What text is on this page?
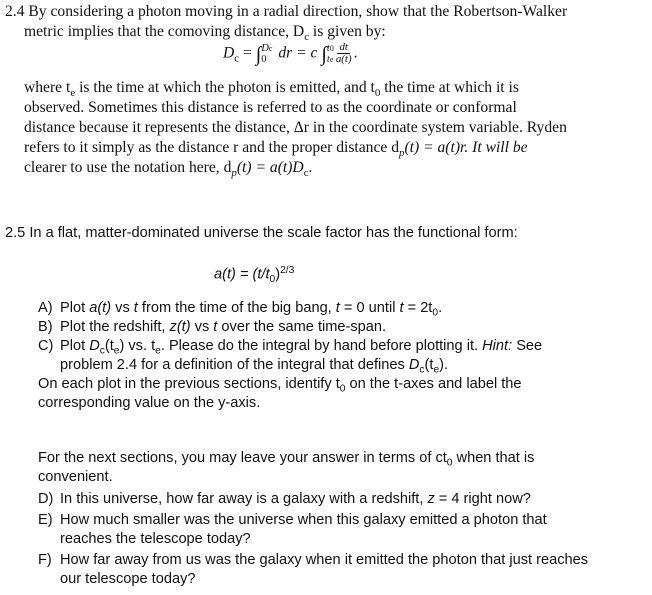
2.4 By considering a photon moving in a radial direction, show that the Robertson-Walker
metric implies that the comoving distance, $D_c$ is given by:
$D_c$ = ∫ Dc
0 dr = c ∫ t0
te $\frac{dt}{a(t)}$ .
where $t_e$ is the time at which the photon is emitted, and $t_0$ the time at which it is
observed. Sometimes this distance is referred to as the coordinate or conformal
distance because it represents the distance, Δr in the coordinate system variable. Ryden
refers to it simply as the distance r and the proper distance $d_p(t) = a(t)r$. It will be
clearer to use the notation here, $d_p(t) = a(t)D_c$.
2.5 In a flat, matter-dominated universe the scale factor has the functional form:
$a(t) = (t/t_0)^{2/3}$
A) Plot a(t) vs t from the time of the big bang, t = 0 until $t = 2t_0$.
B) Plot the redshift, z(t) vs t over the same time-span.
C) Plot $D_c(t_e)$ vs. $t_e$. Please do the integral by hand before plotting it. Hint: See
problem 2.4 for a definition of the integral that defines $D_c(t_e)$.
On each plot in the previous sections, identify $t_0$ on the t-axes and label the
corresponding value on the y-axis.
For the next sections, you may leave your answer in terms of $ct_0$ when that is
convenient.
D) In this universe, how far away is a galaxy with a redshift, z = 4 right now?
E) How much smaller was the universe when this galaxy emitted a photon that
reaches the telescope today?
F) How far away from us was the galaxy when it emitted the photon that just reaches
our telescope today?
